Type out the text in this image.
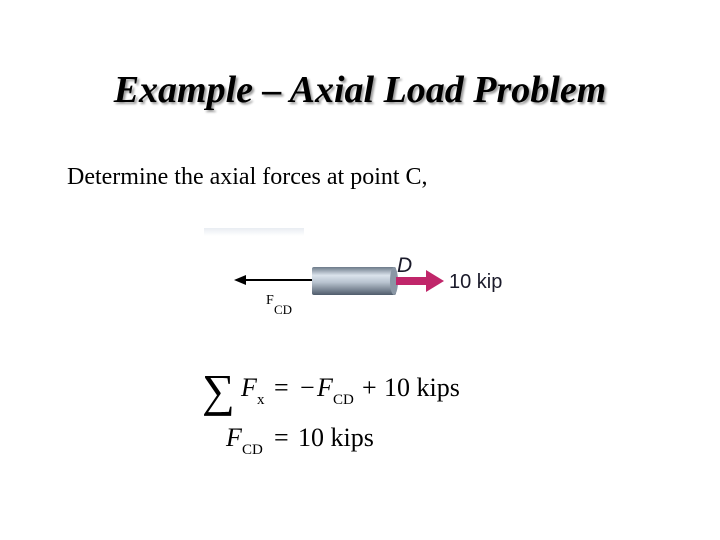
Example – Axial Load Problem
Determine the axial forces at point C,
D
10 kip
F
CD
∑ F x = − F CD + 10 kips
F CD = 10 kips
